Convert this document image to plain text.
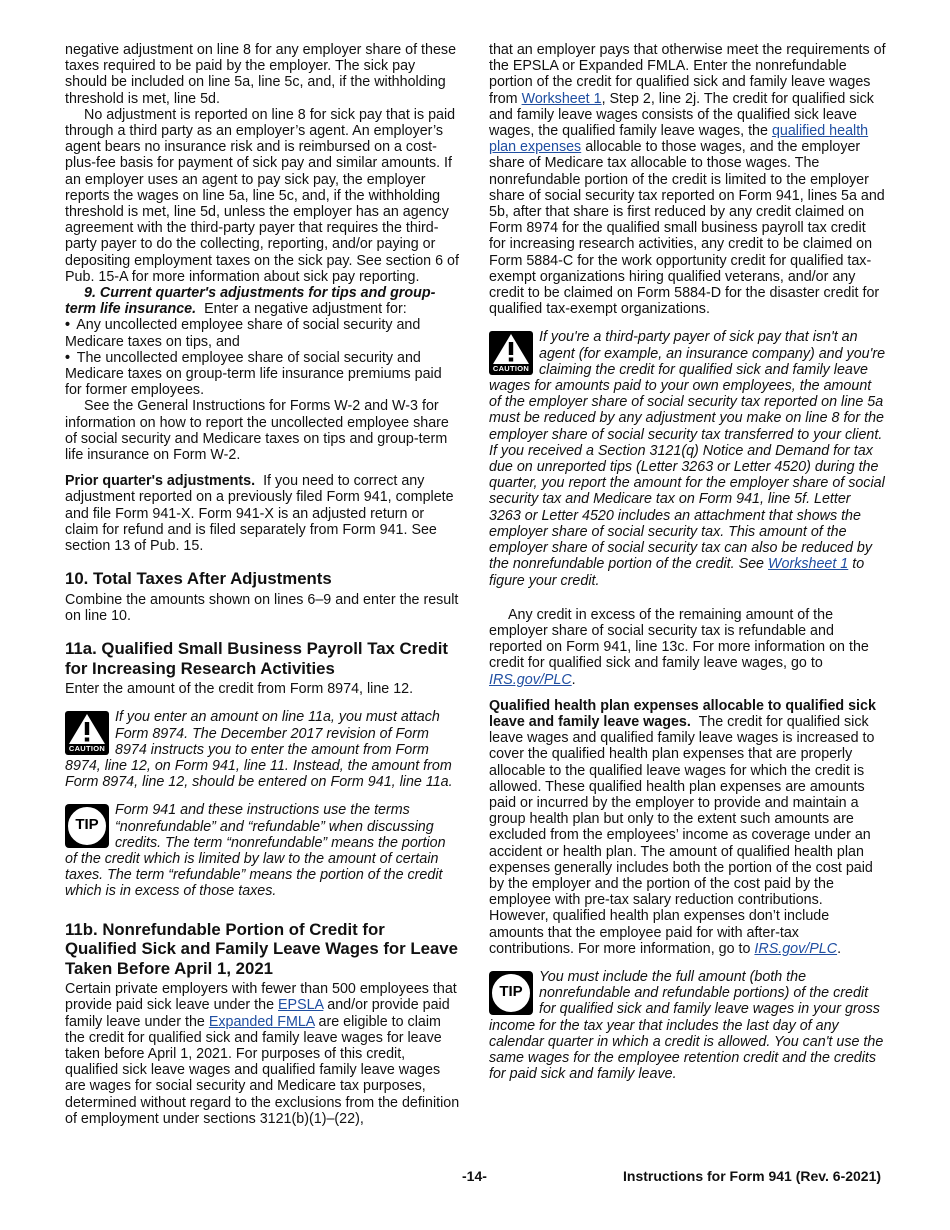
negative adjustment on line 8 for any employer share of these taxes required to be paid by the employer. The sick pay should be included on line 5a, line 5c, and, if the withholding threshold is met, line 5d.

No adjustment is reported on line 8 for sick pay that is paid through a third party as an employer’s agent. An employer’s agent bears no insurance risk and is reimbursed on a cost-plus-fee basis for payment of sick pay and similar amounts. If an employer uses an agent to pay sick pay, the employer reports the wages on line 5a, line 5c, and, if the withholding threshold is met, line 5d, unless the employer has an agency agreement with the third-party payer that requires the third-party payer to do the collecting, reporting, and/or paying or depositing employment taxes on the sick pay. See section 6 of Pub. 15-A for more information about sick pay reporting.

9. Current quarter's adjustments for tips and group-term life insurance. Enter a negative adjustment for:

• Any uncollected employee share of social security and Medicare taxes on tips, and
• The uncollected employee share of social security and Medicare taxes on group-term life insurance premiums paid for former employees.

See the General Instructions for Forms W-2 and W-3 for information on how to report the uncollected employee share of social security and Medicare taxes on tips and group-term life insurance on Form W-2.

Prior quarter's adjustments. If you need to correct any adjustment reported on a previously filed Form 941, complete and file Form 941-X. Form 941-X is an adjusted return or claim for refund and is filed separately from Form 941. See section 13 of Pub. 15.

10. Total Taxes After Adjustments

Combine the amounts shown on lines 6–9 and enter the result on line 10.

11a. Qualified Small Business Payroll Tax Credit for Increasing Research Activities

Enter the amount of the credit from Form 8974, line 12.

CAUTION
If you enter an amount on line 11a, you must attach Form 8974. The December 2017 revision of Form 8974 instructs you to enter the amount from Form 8974, line 12, on Form 941, line 11. Instead, the amount from Form 8974, line 12, should be entered on Form 941, line 11a.
TIP
Form 941 and these instructions use the terms “nonrefundable” and “refundable” when discussing credits. The term “nonrefundable” means the portion of the credit which is limited by law to the amount of certain taxes. The term “refundable” means the portion of the credit which is in excess of those taxes.
11b. Nonrefundable Portion of Credit for Qualified Sick and Family Leave Wages for Leave Taken Before April 1, 2021

Certain private employers with fewer than 500 employees that provide paid sick leave under the EPSLA and/or provide paid family leave under the Expanded FMLA are eligible to claim the credit for qualified sick and family leave wages for leave taken before April 1, 2021. For purposes of this credit, qualified sick leave wages and qualified family leave wages are wages for social security and Medicare tax purposes, determined without regard to the exclusions from the definition of employment under sections 3121(b)(1)–(22),

that an employer pays that otherwise meet the requirements of the EPSLA or Expanded FMLA. Enter the nonrefundable portion of the credit for qualified sick and family leave wages from Worksheet 1, Step 2, line 2j. The credit for qualified sick and family leave wages consists of the qualified sick leave wages, the qualified family leave wages, the qualified health plan expenses allocable to those wages, and the employer share of Medicare tax allocable to those wages. The nonrefundable portion of the credit is limited to the employer share of social security tax reported on Form 941, lines 5a and 5b, after that share is first reduced by any credit claimed on Form 8974 for the qualified small business payroll tax credit for increasing research activities, any credit to be claimed on Form 5884-C for the work opportunity credit for qualified tax-exempt organizations hiring qualified veterans, and/or any credit to be claimed on Form 5884-D for the disaster credit for qualified tax-exempt organizations.

CAUTION
If you're a third-party payer of sick pay that isn't an agent (for example, an insurance company) and you're claiming the credit for qualified sick and family leave wages for amounts paid to your own employees, the amount of the employer share of social security tax reported on line 5a must be reduced by any adjustment you make on line 8 for the employer share of social security tax transferred to your client. If you received a Section 3121(q) Notice and Demand for tax due on unreported tips (Letter 3263 or Letter 4520) during the quarter, you report the amount for the employer share of social security tax and Medicare tax on Form 941, line 5f. Letter 3263 or Letter 4520 includes an attachment that shows the employer share of social security tax. This amount of the employer share of social security tax can also be reduced by the nonrefundable portion of the credit. See Worksheet 1 to figure your credit.

Any credit in excess of the remaining amount of the employer share of social security tax is refundable and reported on Form 941, line 13c. For more information on the credit for qualified sick and family leave wages, go to IRS.gov/PLC.

Qualified health plan expenses allocable to qualified sick leave and family leave wages. The credit for qualified sick leave wages and qualified family leave wages is increased to cover the qualified health plan expenses that are properly allocable to the qualified leave wages for which the credit is allowed. These qualified health plan expenses are amounts paid or incurred by the employer to provide and maintain a group health plan but only to the extent such amounts are excluded from the employees’ income as coverage under an accident or health plan. The amount of qualified health plan expenses generally includes both the portion of the cost paid by the employer and the portion of the cost paid by the employee with pre-tax salary reduction contributions. However, qualified health plan expenses don’t include amounts that the employee paid for with after-tax contributions. For more information, go to IRS.gov/PLC.

TIP
You must include the full amount (both the nonrefundable and refundable portions) of the credit for qualified sick and family leave wages in your gross income for the tax year that includes the last day of any calendar quarter in which a credit is allowed. You can't use the same wages for the employee retention credit and the credits for paid sick and family leave.
-14-	Instructions for Form 941 (Rev. 6-2021)
